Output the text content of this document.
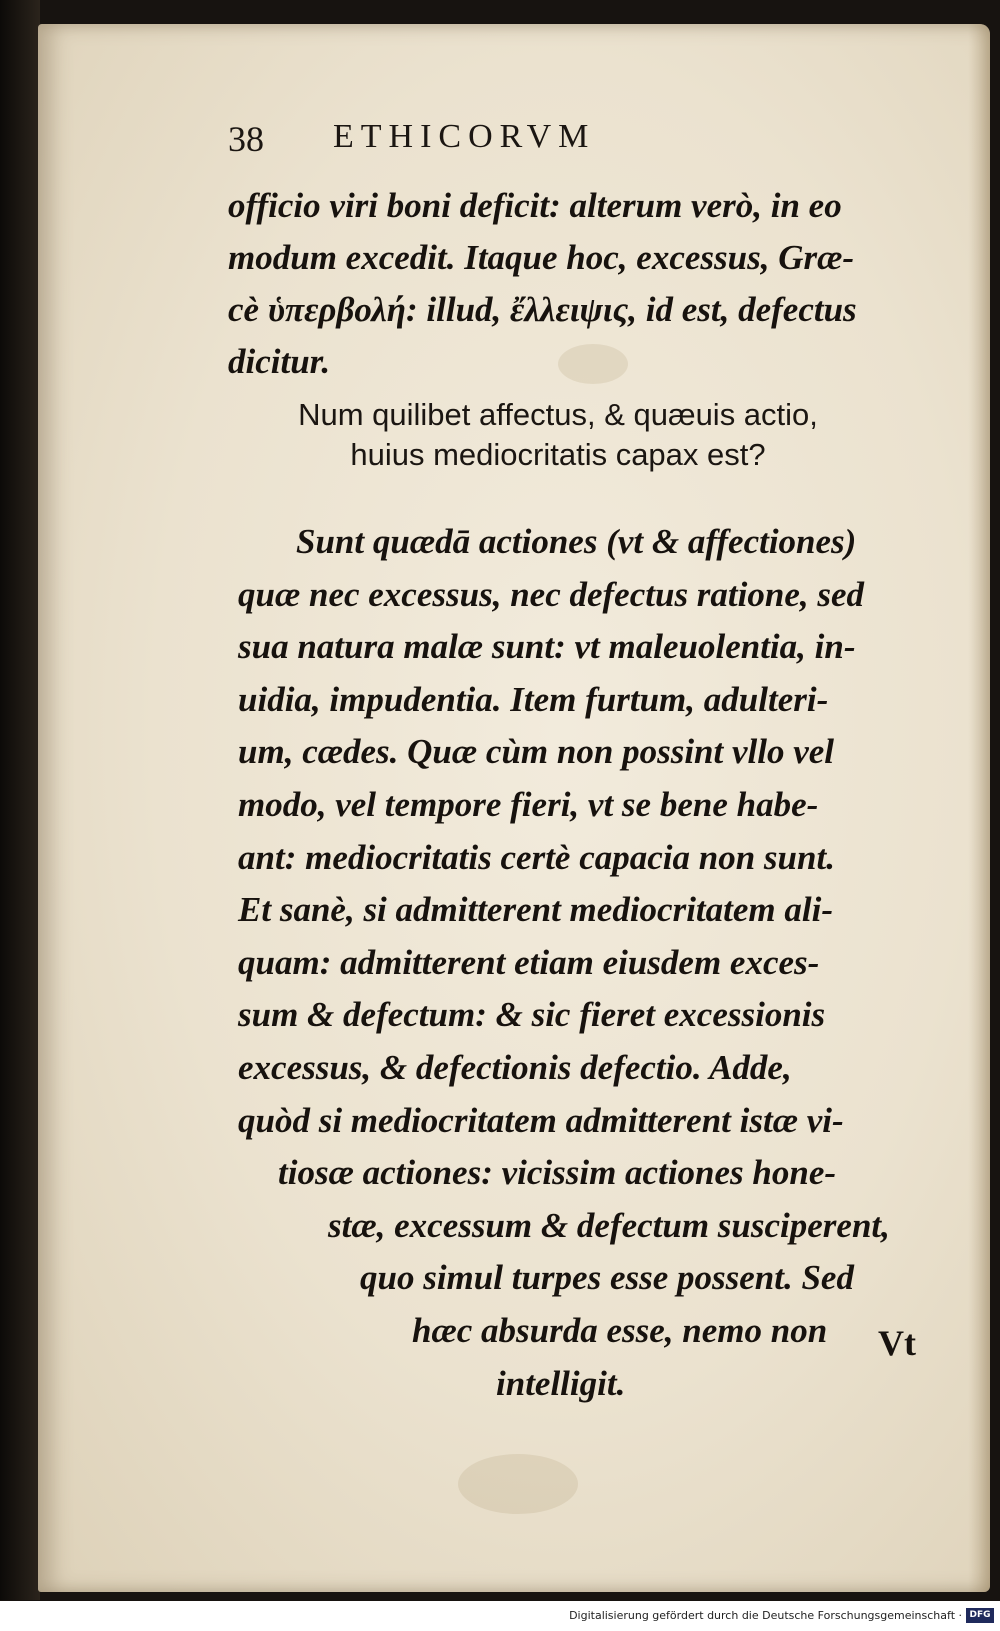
38 ETHICORVM
officio viri boni deficit: alterum verò, in eo
modum excedit. Itaque hoc, excessus, Græ-
cè ὑπερβολή: illud, ἔλλειψις, id est, defectus
dicitur.
Num quilibet affectus, & quæuis actio,
huius mediocritatis capax est?
Sunt quædā actiones (vt & affectiones)
quæ nec excessus, nec defectus ratione, sed
sua natura malæ sunt: vt maleuolentia, in-
uidia, impudentia. Item furtum, adulteri-
um, cædes. Quæ cùm non possint vllo vel
modo, vel tempore fieri, vt se bene habe-
ant: mediocritatis certè capacia non sunt.
Et sanè, si admitterent mediocritatem ali-
quam: admitterent etiam eiusdem exces-
sum & defectum: & sic fieret excessionis
excessus, & defectionis defectio. Adde,
quòd si mediocritatem admitterent istæ vi-
tiosæ actiones: vicissim actiones hone-
stæ, excessum & defectum susciperent,
quo simul turpes esse possent. Sed
hæc absurda esse, nemo non
intelligit.
Vt
Digitalisierung gefördert durch die Deutsche Forschungsgemeinschaft · DFG
